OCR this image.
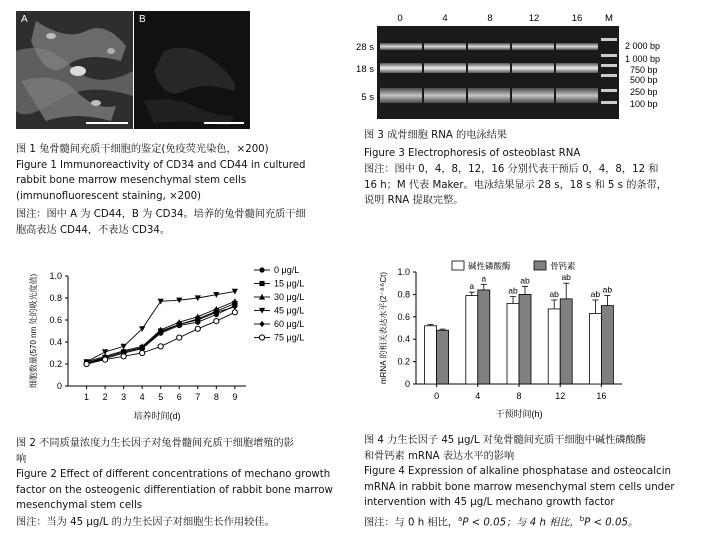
A	B
图 1 兔骨髓间充质干细胞的鉴定(免疫荧光染色，×200)
Figure 1 Immunoreactivity of CD34 and CD44 in cultured
rabbit bone marrow mesenchymal stem cells
(immunofluorescent staining, ×200)
图注：图中 A 为 CD44，B 为 CD34。培养的兔骨髓间充质干细
胞高表达 CD44，不表达 CD34。
0	4	8	12	16 M
28 s
18 s
5 s
2 000 bp
1 000 bp
750 bp
500 bp
250 bp
100 bp
图 3 成骨细胞 RNA 的电泳结果
Figure 3 Electrophoresis of osteoblast RNA
图注：图中 0，4，8，12，16 分别代表干预后 0，4，8，12 和
16 h；M 代表 Maker。电泳结果显示 28 s，18 s 和 5 s 的条带，
说明 RNA 提取完整。
0
0.2
0.4
0.6
0.8
1.0
1 2 3 4 5 6 7 8 9
培养时间(d)
细胞数量(570 nm 处的吸光度值)
0 μg/L
15 μg/L
30 μg/L
45 μg/L
60 μg/L
75 μg/L
图 2 不同质量浓度力生长因子对兔骨髓间充质干细胞增殖的影
响
Figure 2 Effect of different concentrations of mechano growth
factor on the osteogenic differentiation of rabbit bone marrow
mesenchymal stem cells
图注：当为 45 μg/L 的力生长因子对细胞生长作用较佳。
0
0.2
0.4
0.6
0.8
1.0
0	4
a
a
8
ab
ab
12
ab
ab
16
ab ab
干预时间(h)
mRNA 的相关表达水平(2⁻ᐞᐞCt)
碱性磷酸酶	骨钙素
图 4 力生长因子 45 μg/L 对兔骨髓间充质干细胞中碱性磷酸酶
和骨钙素 mRNA 表达水平的影响
Figure 4 Expression of alkaline phosphatase and osteocalcin
mRNA in rabbit bone marrow mesenchymal stem cells under
intervention with 45 μg/L mechano growth factor
图注：与 0 h 相比，$^a$P < 0.05；与 4 h 相比，$^b$P < 0.05。
